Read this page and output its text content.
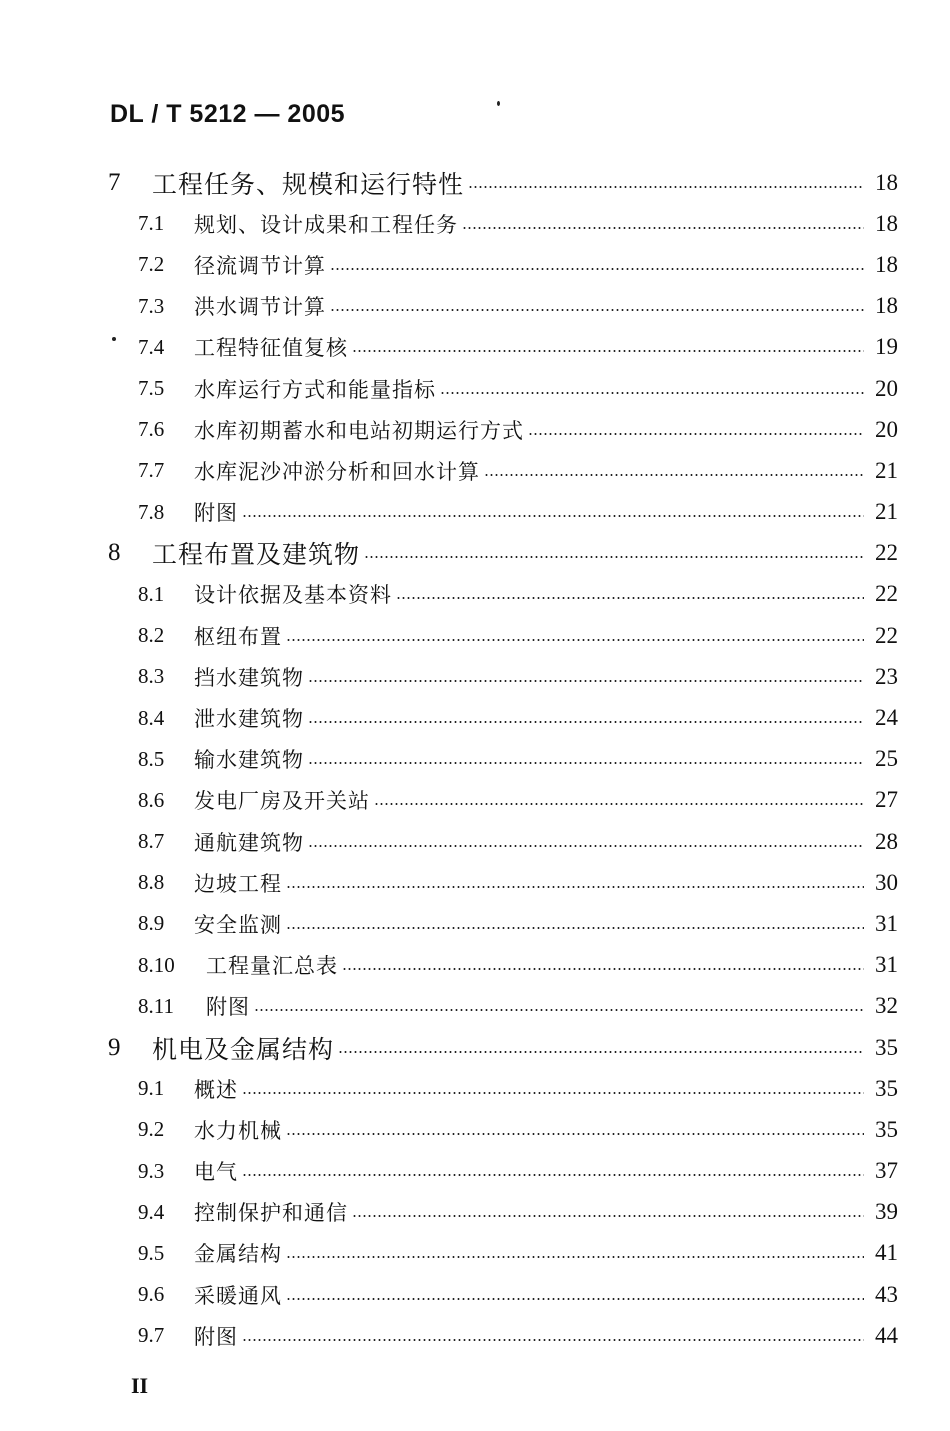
DL / T 5212 — 2005
7	工程任务、规模和运行特性	18
7.1	规划、设计成果和工程任务	18
7.2	径流调节计算	18
7.3	洪水调节计算	18
7.4	工程特征值复核	19
7.5	水库运行方式和能量指标	20
7.6	水库初期蓄水和电站初期运行方式	20
7.7	水库泥沙冲淤分析和回水计算	21
7.8	附图	21
8	工程布置及建筑物	22
8.1	设计依据及基本资料	22
8.2	枢纽布置	22
8.3	挡水建筑物	23
8.4	泄水建筑物	24
8.5	输水建筑物	25
8.6	发电厂房及开关站	27
8.7	通航建筑物	28
8.8	边坡工程	30
8.9	安全监测	31
8.10	工程量汇总表	31
8.11	附图	32
9	机电及金属结构	35
9.1	概述	35
9.2	水力机械	35
9.3	电气	37
9.4	控制保护和通信	39
9.5	金属结构	41
9.6	采暖通风	43
9.7	附图	44
II
